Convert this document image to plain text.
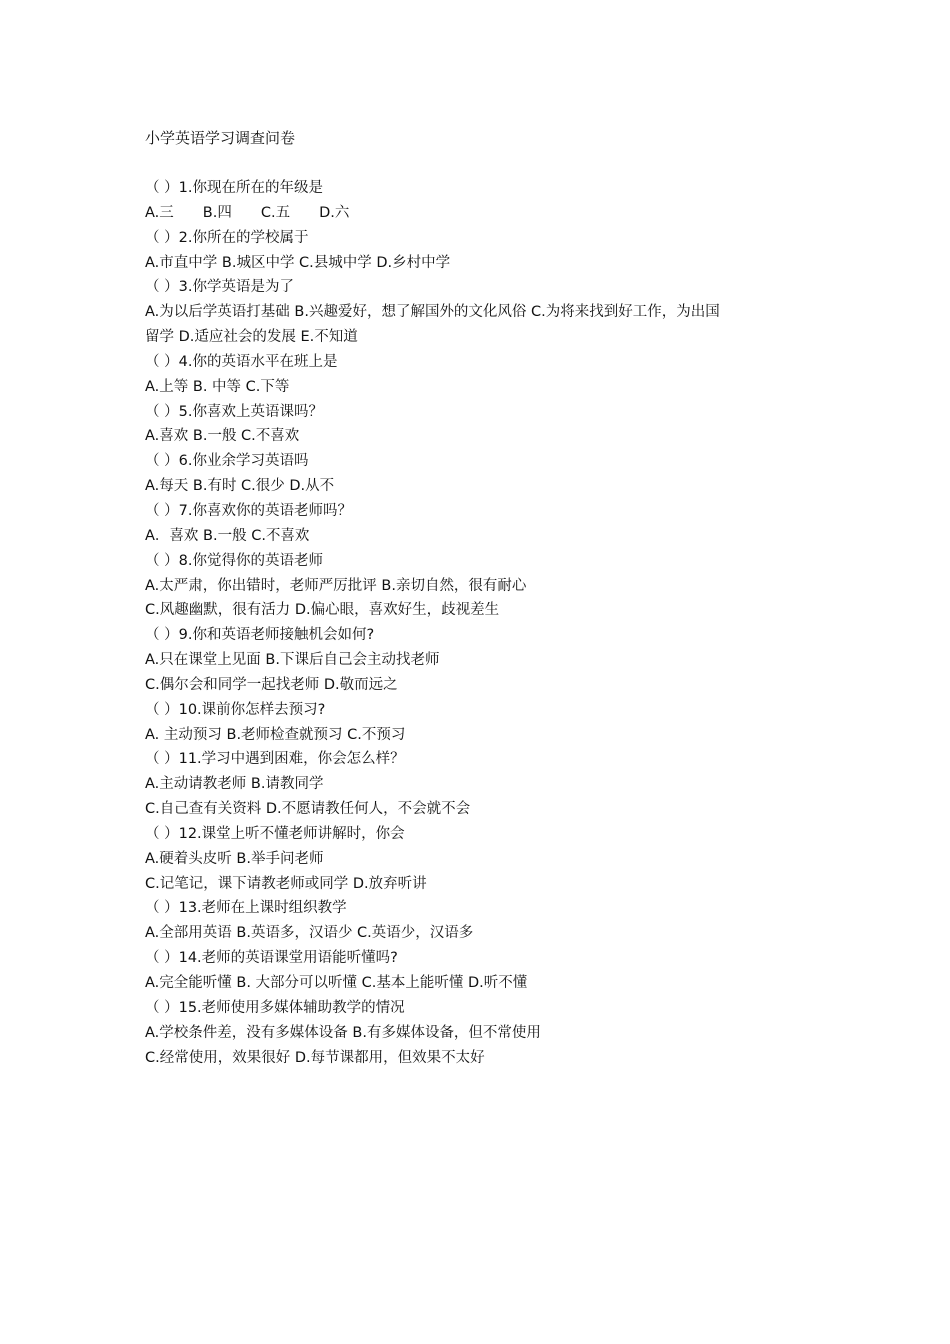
小学英语学习调查问卷
（ ）1.你现在所在的年级是
A.三　　B.四　　C.五　　D.六
（ ）2.你所在的学校属于
A.市直中学 B.城区中学 C.县城中学 D.乡村中学
（ ）3.你学英语是为了
A.为以后学英语打基础 B.兴趣爱好，想了解国外的文化风俗 C.为将来找到好工作，为出国
留学 D.适应社会的发展 E.不知道
（ ）4.你的英语水平在班上是
A.上等 B. 中等 C.下等
（ ）5.你喜欢上英语课吗？
A.喜欢 B.一般 C.不喜欢
（ ）6.你业余学习英语吗
A.每天 B.有时 C.很少 D.从不
（ ）7.你喜欢你的英语老师吗？
A．喜欢 B.一般 C.不喜欢
（ ）8.你觉得你的英语老师
A.太严肃，你出错时，老师严厉批评 B.亲切自然，很有耐心
C.风趣幽默，很有活力 D.偏心眼，喜欢好生，歧视差生
（ ）9.你和英语老师接触机会如何?
A.只在课堂上见面 B.下课后自己会主动找老师
C.偶尔会和同学一起找老师 D.敬而远之
（ ）10.课前你怎样去预习?
A. 主动预习 B.老师检查就预习 C.不预习
（ ）11.学习中遇到困难，你会怎么样？
A.主动请教老师 B.请教同学
C.自己查有关资料 D.不愿请教任何人，不会就不会
（ ）12.课堂上听不懂老师讲解时，你会
A.硬着头皮听 B.举手问老师
C.记笔记，课下请教老师或同学 D.放弃听讲
（ ）13.老师在上课时组织教学
A.全部用英语 B.英语多，汉语少 C.英语少，汉语多
（ ）14.老师的英语课堂用语能听懂吗?
A.完全能听懂 B. 大部分可以听懂 C.基本上能听懂 D.听不懂
（ ）15.老师使用多媒体辅助教学的情况
A.学校条件差，没有多媒体设备 B.有多媒体设备，但不常使用
C.经常使用，效果很好 D.每节课都用，但效果不太好
